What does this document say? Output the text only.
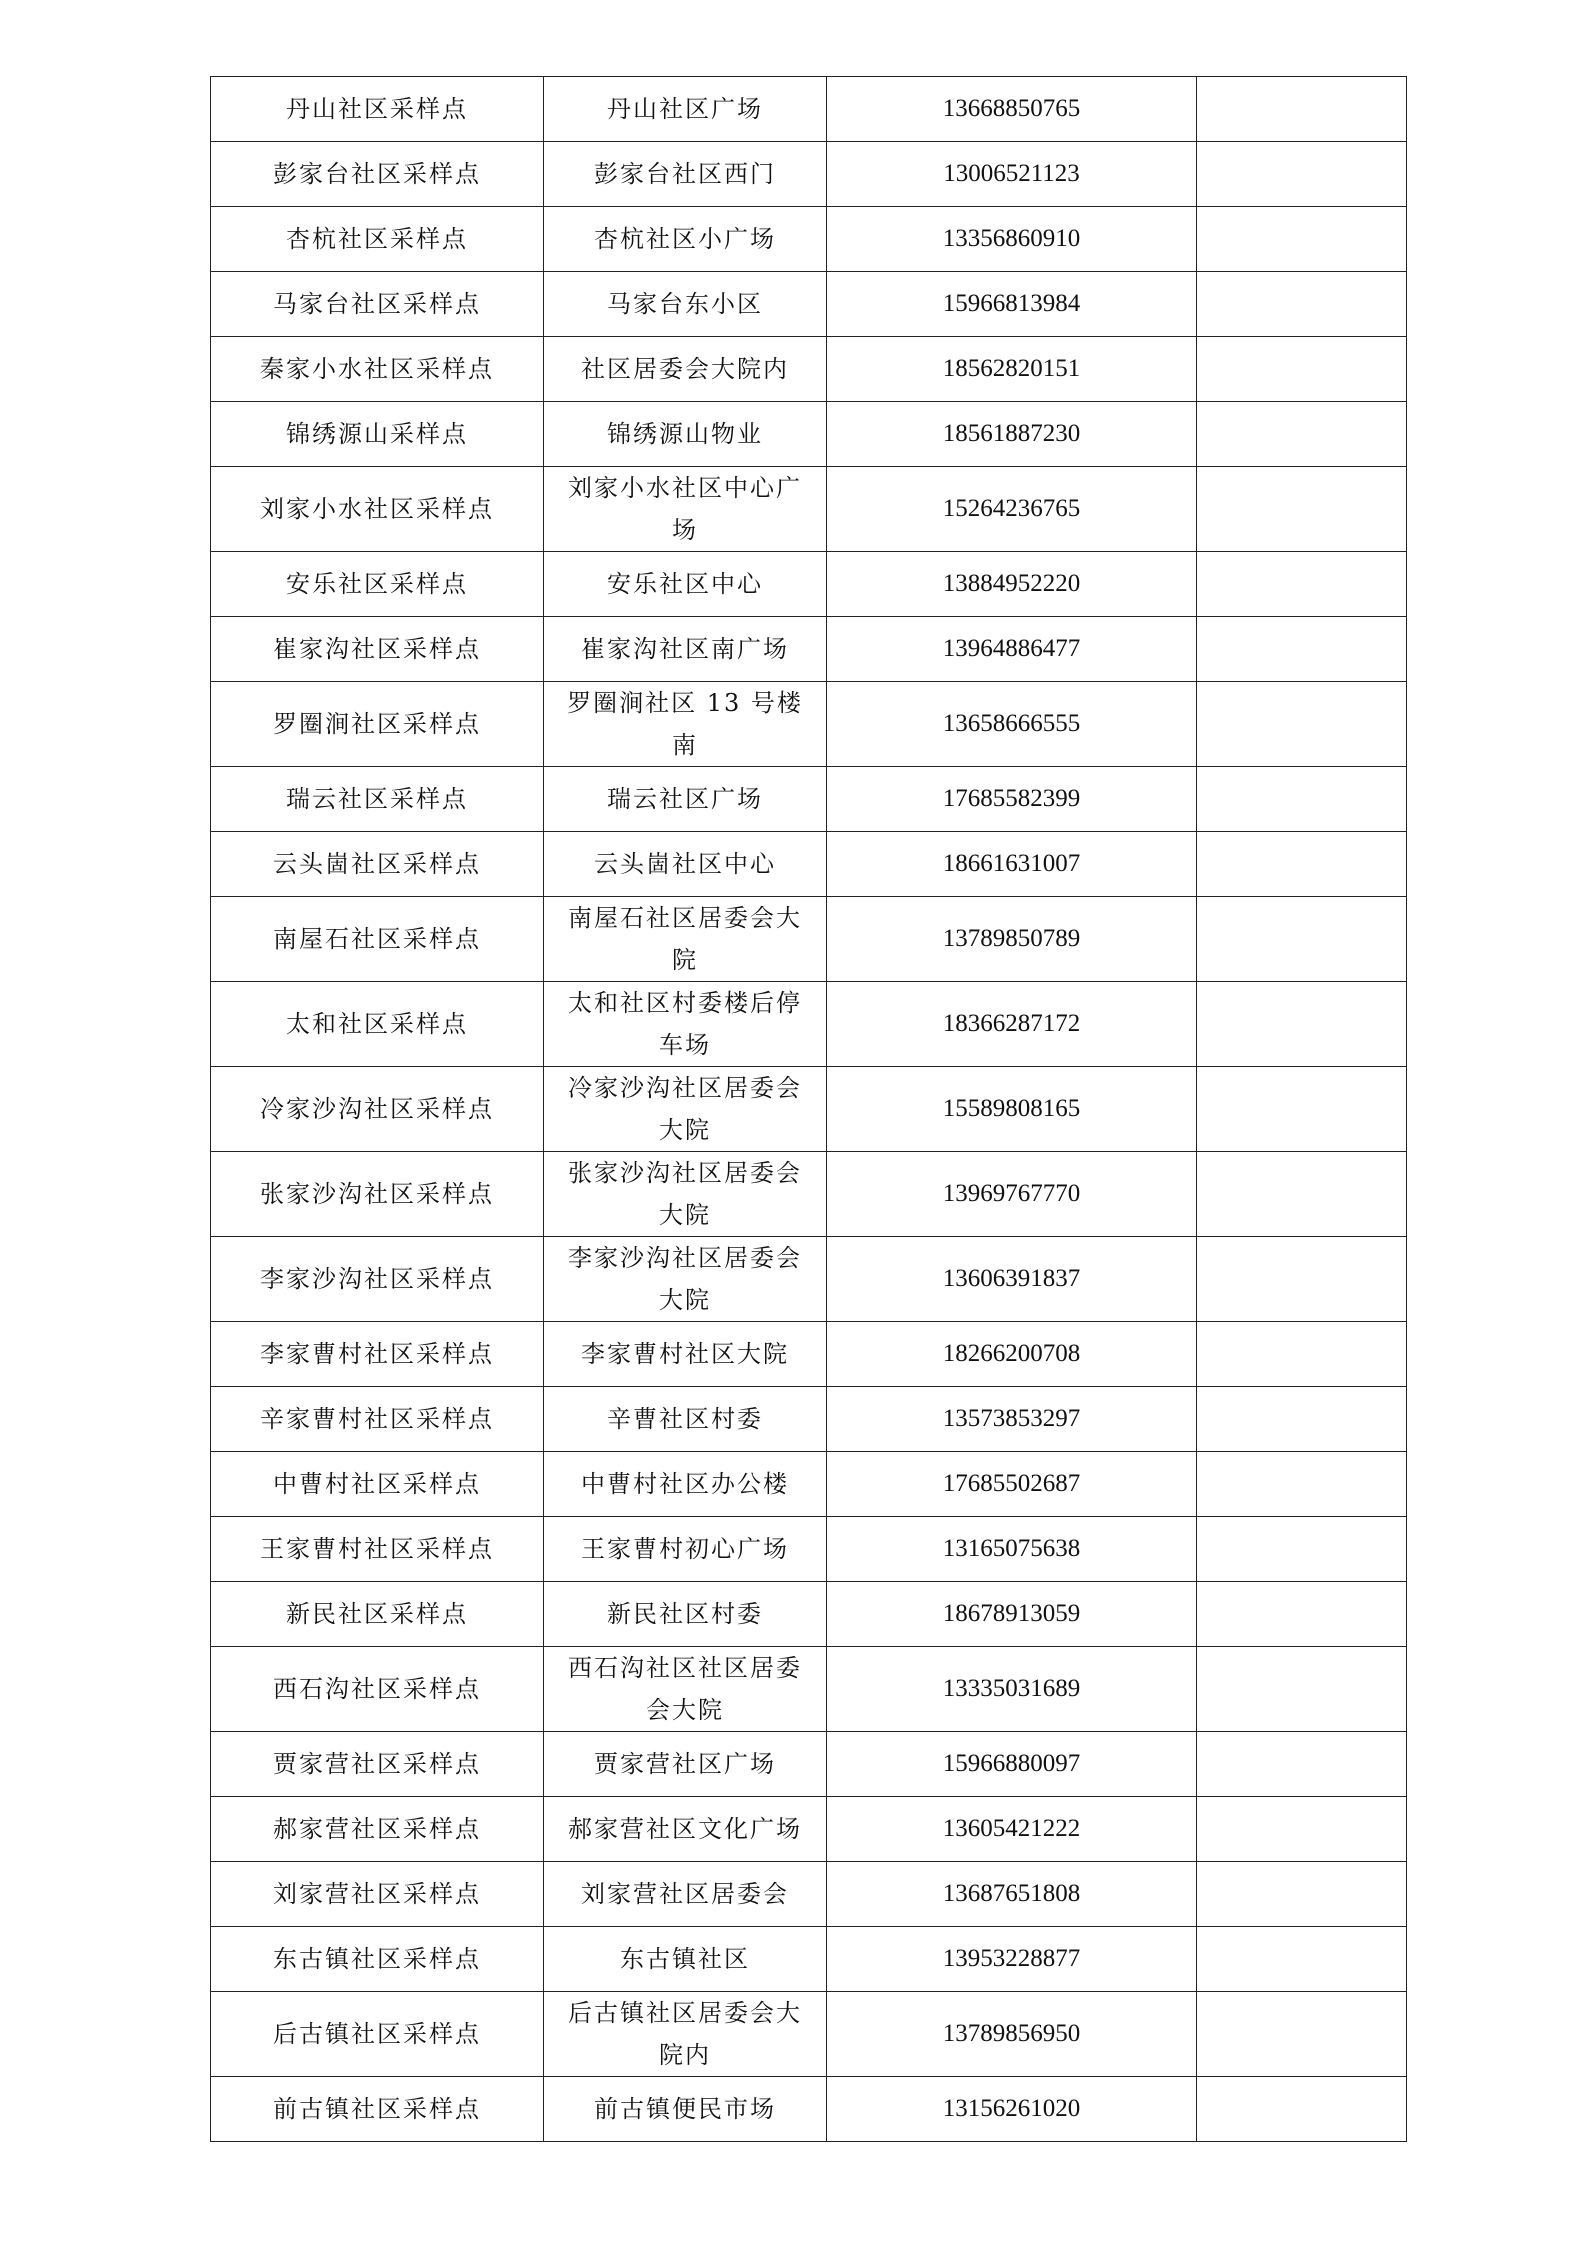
丹山社区采样点	丹山社区广场	13668850765	
彭家台社区采样点	彭家台社区西门	13006521123	
杏杭社区采样点	杏杭社区小广场	13356860910	
马家台社区采样点	马家台东小区	15966813984	
秦家小水社区采样点	社区居委会大院内	18562820151	
锦绣源山采样点	锦绣源山物业	18561887230	
刘家小水社区采样点	刘家小水社区中心广场	15264236765	
安乐社区采样点	安乐社区中心	13884952220	
崔家沟社区采样点	崔家沟社区南广场	13964886477	
罗圈涧社区采样点	罗圈涧社区 13 号楼南	13658666555	
瑞云社区采样点	瑞云社区广场	17685582399	
云头崮社区采样点	云头崮社区中心	18661631007	
南屋石社区采样点	南屋石社区居委会大院	13789850789	
太和社区采样点	太和社区村委楼后停车场	18366287172	
冷家沙沟社区采样点	冷家沙沟社区居委会大院	15589808165	
张家沙沟社区采样点	张家沙沟社区居委会大院	13969767770	
李家沙沟社区采样点	李家沙沟社区居委会大院	13606391837	
李家曹村社区采样点	李家曹村社区大院	18266200708	
辛家曹村社区采样点	辛曹社区村委	13573853297	
中曹村社区采样点	中曹村社区办公楼	17685502687	
王家曹村社区采样点	王家曹村初心广场	13165075638	
新民社区采样点	新民社区村委	18678913059	
西石沟社区采样点	西石沟社区社区居委会大院	13335031689	
贾家营社区采样点	贾家营社区广场	15966880097	
郝家营社区采样点	郝家营社区文化广场	13605421222	
刘家营社区采样点	刘家营社区居委会	13687651808	
东古镇社区采样点	东古镇社区	13953228877	
后古镇社区采样点	后古镇社区居委会大院内	13789856950	
前古镇社区采样点	前古镇便民市场	13156261020	
